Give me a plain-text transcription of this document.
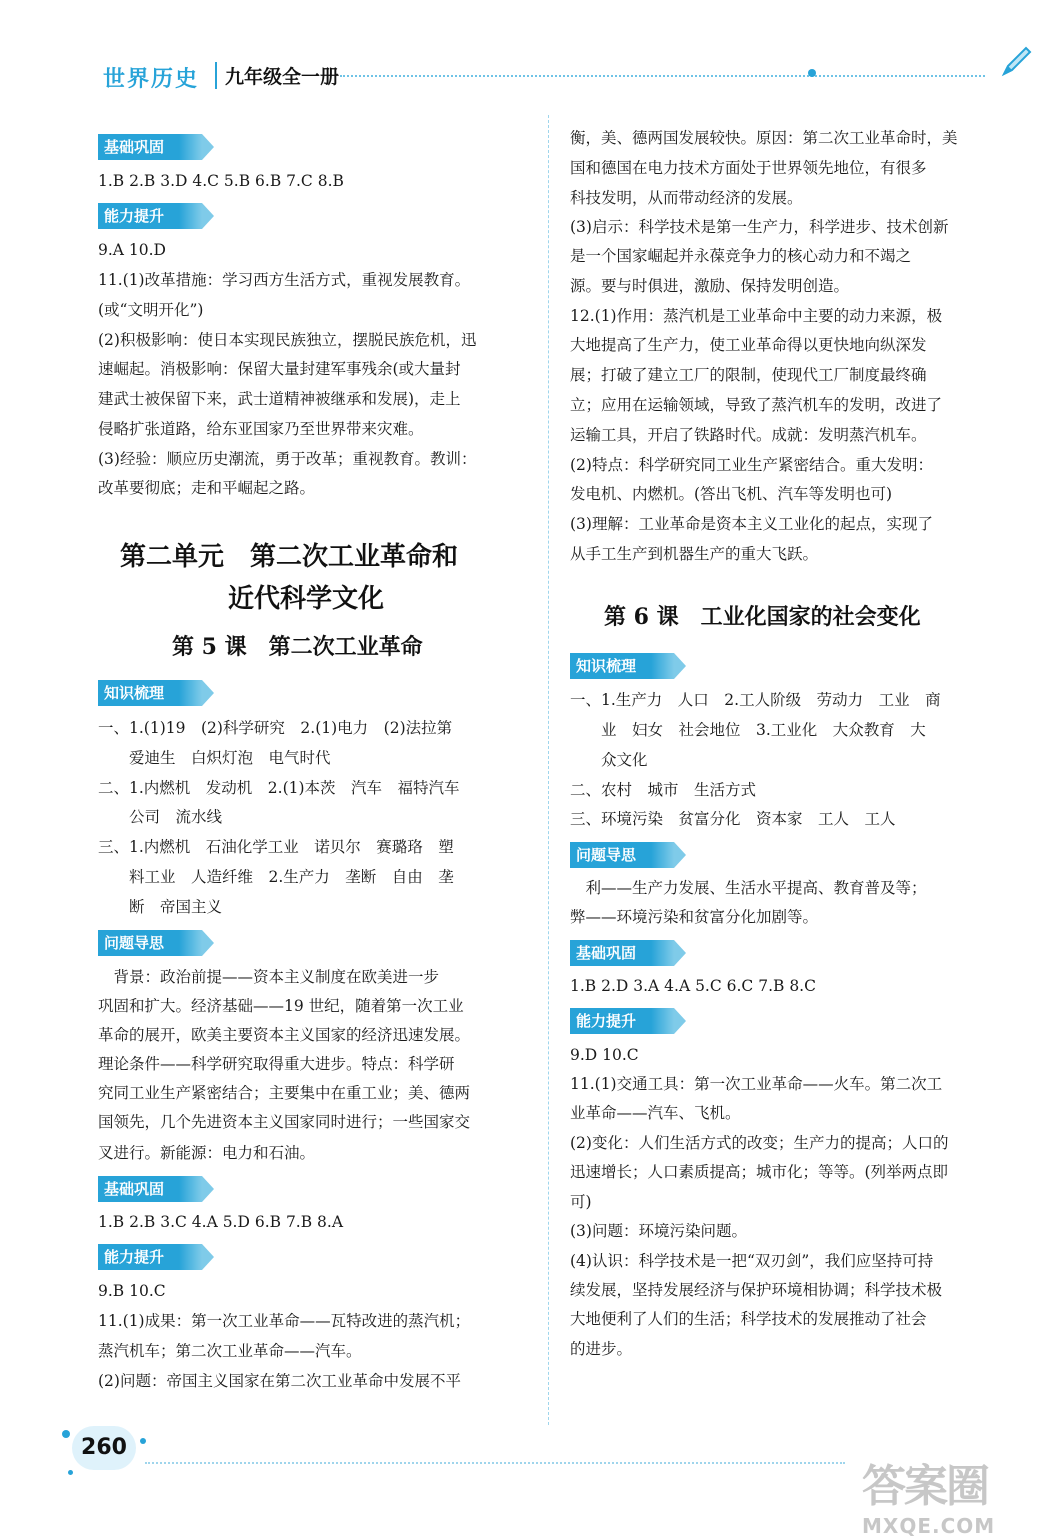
世界历史	九年级全一册
基础巩固
1.B 2.B 3.D 4.C 5.B 6.B 7.C 8.B
能力提升
9.A 10.D
11.(1)改革措施：学习西方生活方式，重视发展教育。
(或“文明开化”)
(2)积极影响：使日本实现民族独立，摆脱民族危机，迅
速崛起。消极影响：保留大量封建军事残余(或大量封
建武士被保留下来，武士道精神被继承和发展)，走上
侵略扩张道路，给东亚国家乃至世界带来灾难。
(3)经验：顺应历史潮流，勇于改革；重视教育。教训：
改革要彻底；走和平崛起之路。
第二单元　第二次工业革命和
近代科学文化
第 5 课　第二次工业革命
知识梳理
一、1.(1)19　(2)科学研究　2.(1)电力　(2)法拉第
　　爱迪生　白炽灯泡　电气时代
二、1.内燃机　发动机　2.(1)本茨　汽车　福特汽车
　　公司　流水线
三、1.内燃机　石油化学工业　诺贝尔　赛璐珞　塑
　　料工业　人造纤维　2.生产力　垄断　自由　垄
　　断　帝国主义
问题导思
　背景：政治前提——资本主义制度在欧美进一步
巩固和扩大。经济基础——19 世纪，随着第一次工业
革命的展开，欧美主要资本主义国家的经济迅速发展。
理论条件——科学研究取得重大进步。特点：科学研
究同工业生产紧密结合；主要集中在重工业；美、德两
国领先，几个先进资本主义国家同时进行；一些国家交
叉进行。新能源：电力和石油。
基础巩固
1.B 2.B 3.C 4.A 5.D 6.B 7.B 8.A
能力提升
9.B 10.C
11.(1)成果：第一次工业革命——瓦特改进的蒸汽机；
蒸汽机车；第二次工业革命——汽车。
(2)问题：帝国主义国家在第二次工业革命中发展不平
衡，美、德两国发展较快。原因：第二次工业革命时，美
国和德国在电力技术方面处于世界领先地位，有很多
科技发明，从而带动经济的发展。
(3)启示：科学技术是第一生产力，科学进步、技术创新
是一个国家崛起并永葆竞争力的核心动力和不竭之
源。要与时俱进，激励、保持发明创造。
12.(1)作用：蒸汽机是工业革命中主要的动力来源，极
大地提高了生产力，使工业革命得以更快地向纵深发
展；打破了建立工厂的限制，使现代工厂制度最终确
立；应用在运输领域，导致了蒸汽机车的发明，改进了
运输工具，开启了铁路时代。成就：发明蒸汽机车。
(2)特点：科学研究同工业生产紧密结合。重大发明：
发电机、内燃机。(答出飞机、汽车等发明也可)
(3)理解：工业革命是资本主义工业化的起点，实现了
从手工生产到机器生产的重大飞跃。
第 6 课　工业化国家的社会变化
知识梳理
一、1.生产力　人口　2.工人阶级　劳动力　工业　商
　　业　妇女　社会地位　3.工业化　大众教育　大
　　众文化
二、农村　城市　生活方式
三、环境污染　贫富分化　资本家　工人　工人
问题导思
　利——生产力发展、生活水平提高、教育普及等；
弊——环境污染和贫富分化加剧等。
基础巩固
1.B 2.D 3.A 4.A 5.C 6.C 7.B 8.C
能力提升
9.D 10.C
11.(1)交通工具：第一次工业革命——火车。第二次工
业革命——汽车、飞机。
(2)变化：人们生活方式的改变；生产力的提高；人口的
迅速增长；人口素质提高；城市化；等等。(列举两点即
可)
(3)问题：环境污染问题。
(4)认识：科学技术是一把“双刃剑”，我们应坚持可持
续发展，坚持发展经济与保护环境相协调；科学技术极
大地便利了人们的生活；科学技术的发展推动了社会
的进步。
260
答案圈
MXQE.COM
